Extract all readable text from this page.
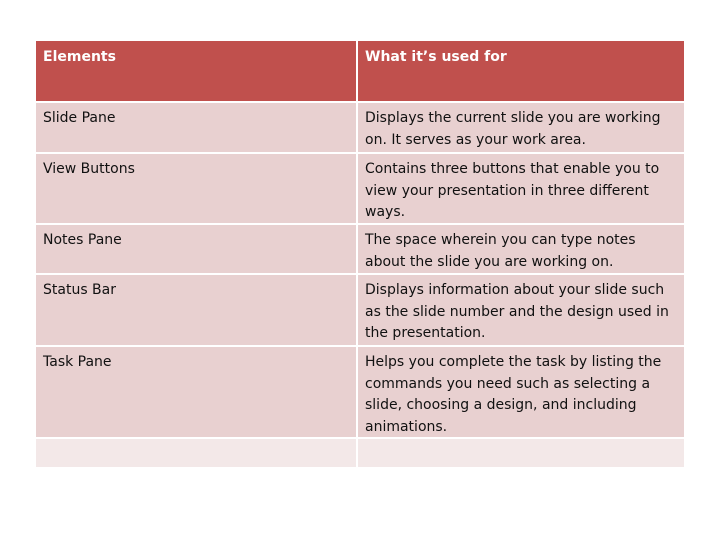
Elements	What it’s used for
Slide Pane	Displays the current slide you are working on. It serves as your work area.
View Buttons	Contains three buttons that enable you to view your presentation in three different ways.
Notes Pane	The space wherein you can type notes about the slide you are working on.
Status Bar	Displays information about your slide such as the slide number and the design used in the presentation.
Task Pane	Helps you complete the task by listing the commands you need such as selecting a slide, choosing a design, and including animations.
